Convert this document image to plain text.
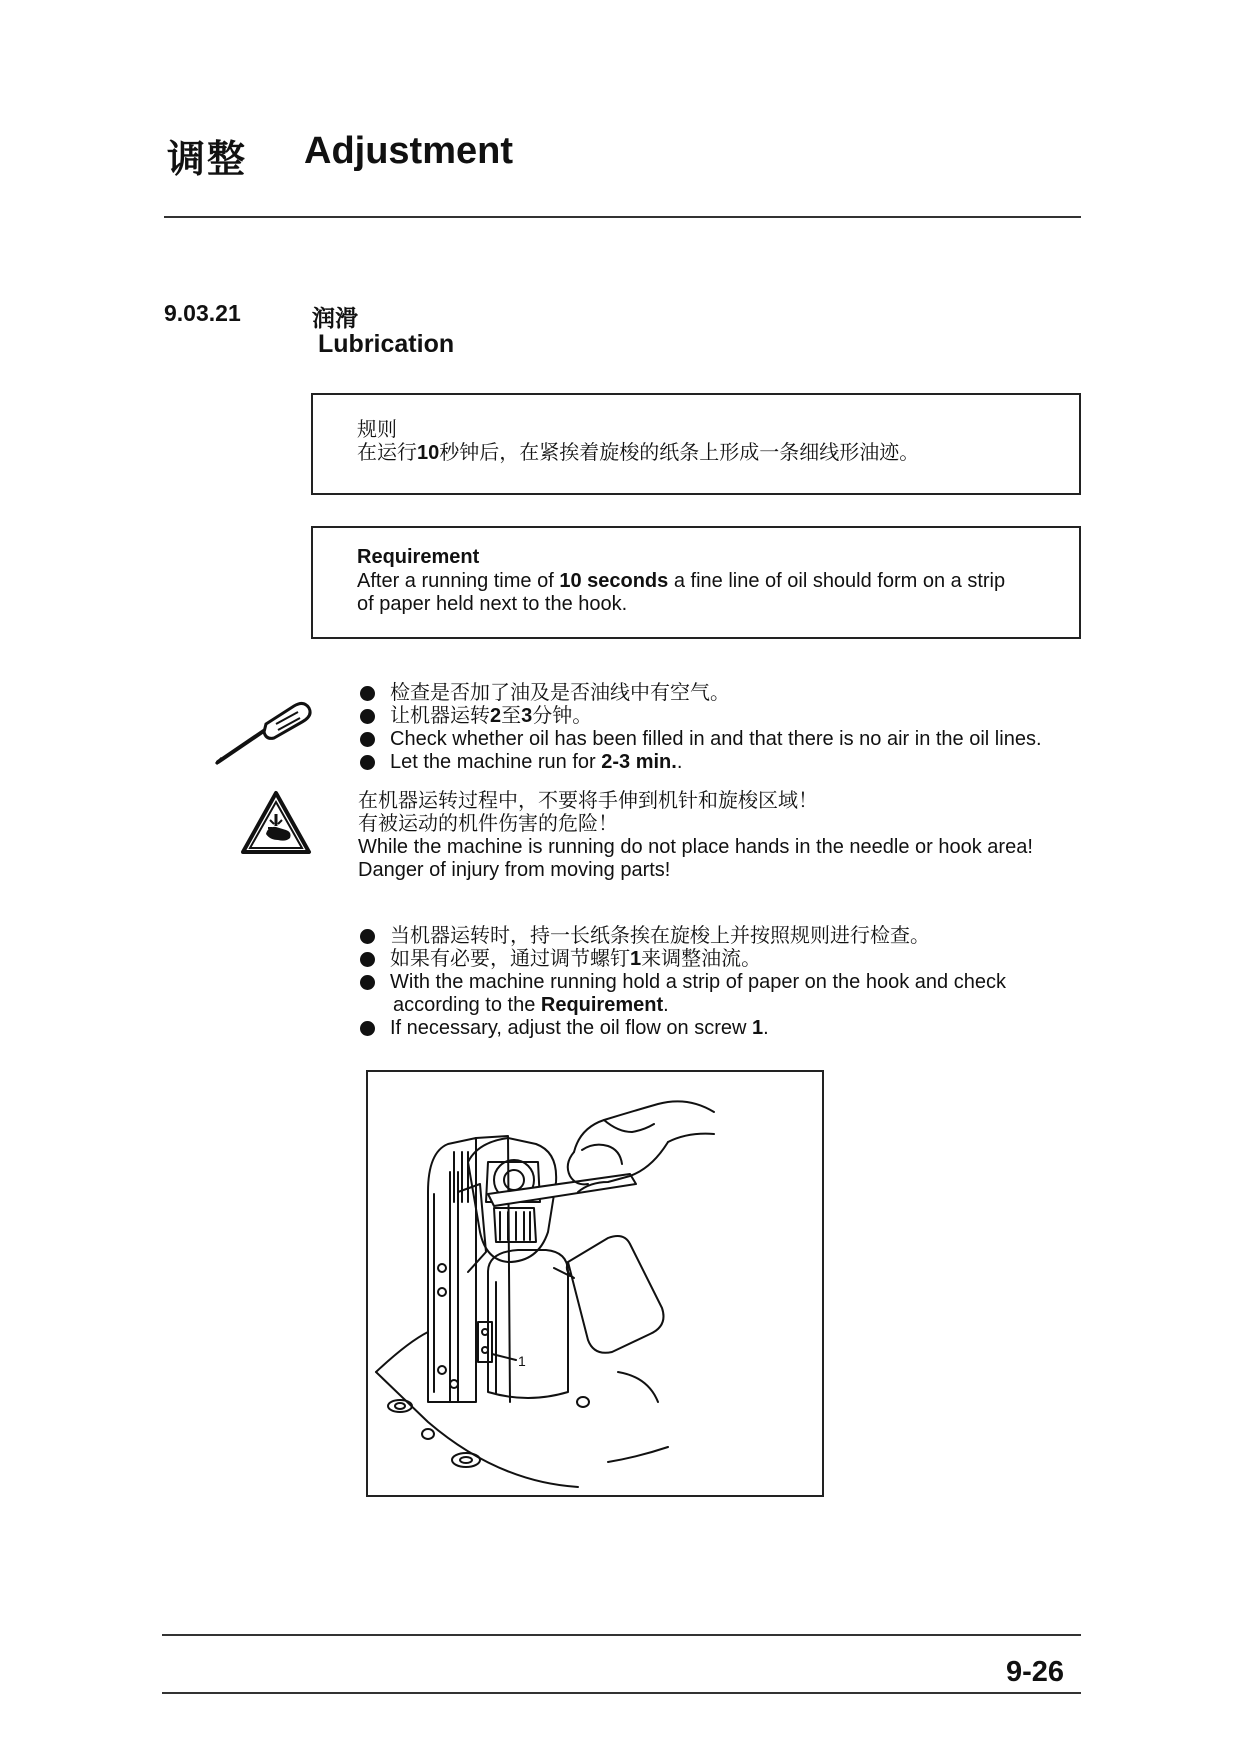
调整 Adjustment
9.03.21	润滑
Lubrication
规则
在运行10秒钟后，在紧挨着旋梭的纸条上形成一条细线形油迹。
Requirement
After a running time of 10 seconds a fine line of oil should form on a strip
of paper held next to the hook.
检查是否加了油及是否油线中有空气。
让机器运转2至3分钟。
Check whether oil has been filled in and that there is no air in the oil lines.
Let the machine run for 2-3 min..
在机器运转过程中，不要将手伸到机针和旋梭区域！
有被运动的机件伤害的危险！
While the machine is running do not place hands in the needle or hook area!
Danger of injury from moving parts!
当机器运转时，持一长纸条挨在旋梭上并按照规则进行检查。
如果有必要，通过调节螺钉1来调整油流。
With the machine running hold a strip of paper on the hook and check
according to the Requirement.
If necessary, adjust the oil flow on screw 1.
1
9-26
